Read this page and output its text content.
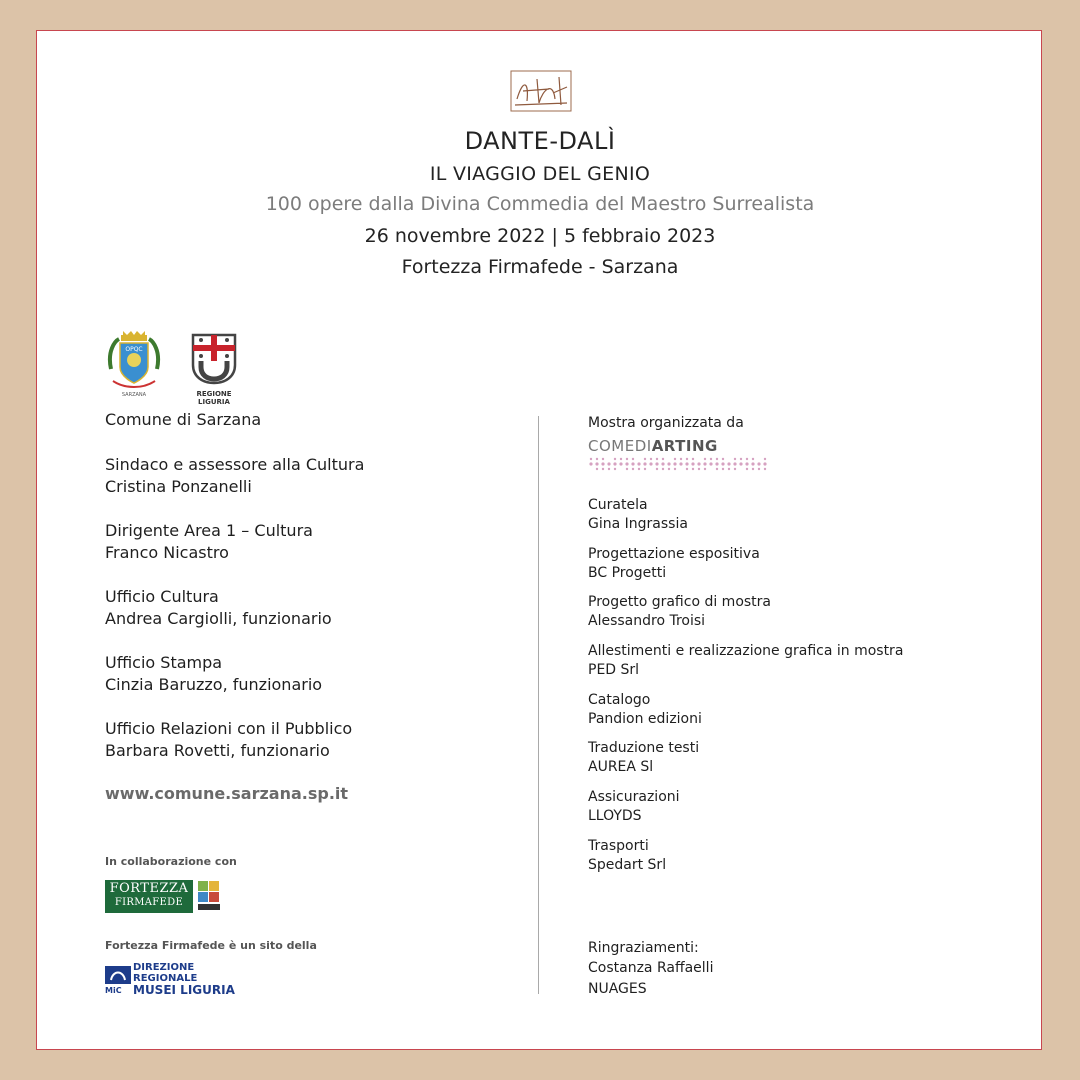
DANTE-DALÌ
IL VIAGGIO DEL GENIO
100 opere dalla Divina Commedia del Maestro Surrealista
26 novembre 2022 | 5 febbraio 2023
Fortezza Firmafede - Sarzana
OPQC
SARZANA	REGIONE LIGURIA
Comune di Sarzana
Sindaco e assessore alla Cultura
Cristina Ponzanelli
Dirigente Area 1 – Cultura
Franco Nicastro
Ufficio Cultura
Andrea Cargiolli, funzionario
Ufficio Stampa
Cinzia Baruzzo, funzionario
Ufficio Relazioni con il Pubblico
Barbara Rovetti, funzionario
www.comune.sarzana.sp.it
In collaborazione con
FORTEZZA
FIRMAFEDE
Fortezza Firmafede è un sito della
MiC
DIREZIONE
REGIONALE
MUSEI LIGURIA
Mostra organizzata da
COMEDIARTING
Curatela
Gina Ingrassia
Progettazione espositiva
BC Progetti
Progetto grafico di mostra
Alessandro Troisi
Allestimenti e realizzazione grafica in mostra
PED Srl
Catalogo
Pandion edizioni
Traduzione testi
AUREA Sl
Assicurazioni
LLOYDS
Trasporti
Spedart Srl
Ringraziamenti:
Costanza Raffaelli
NUAGES
